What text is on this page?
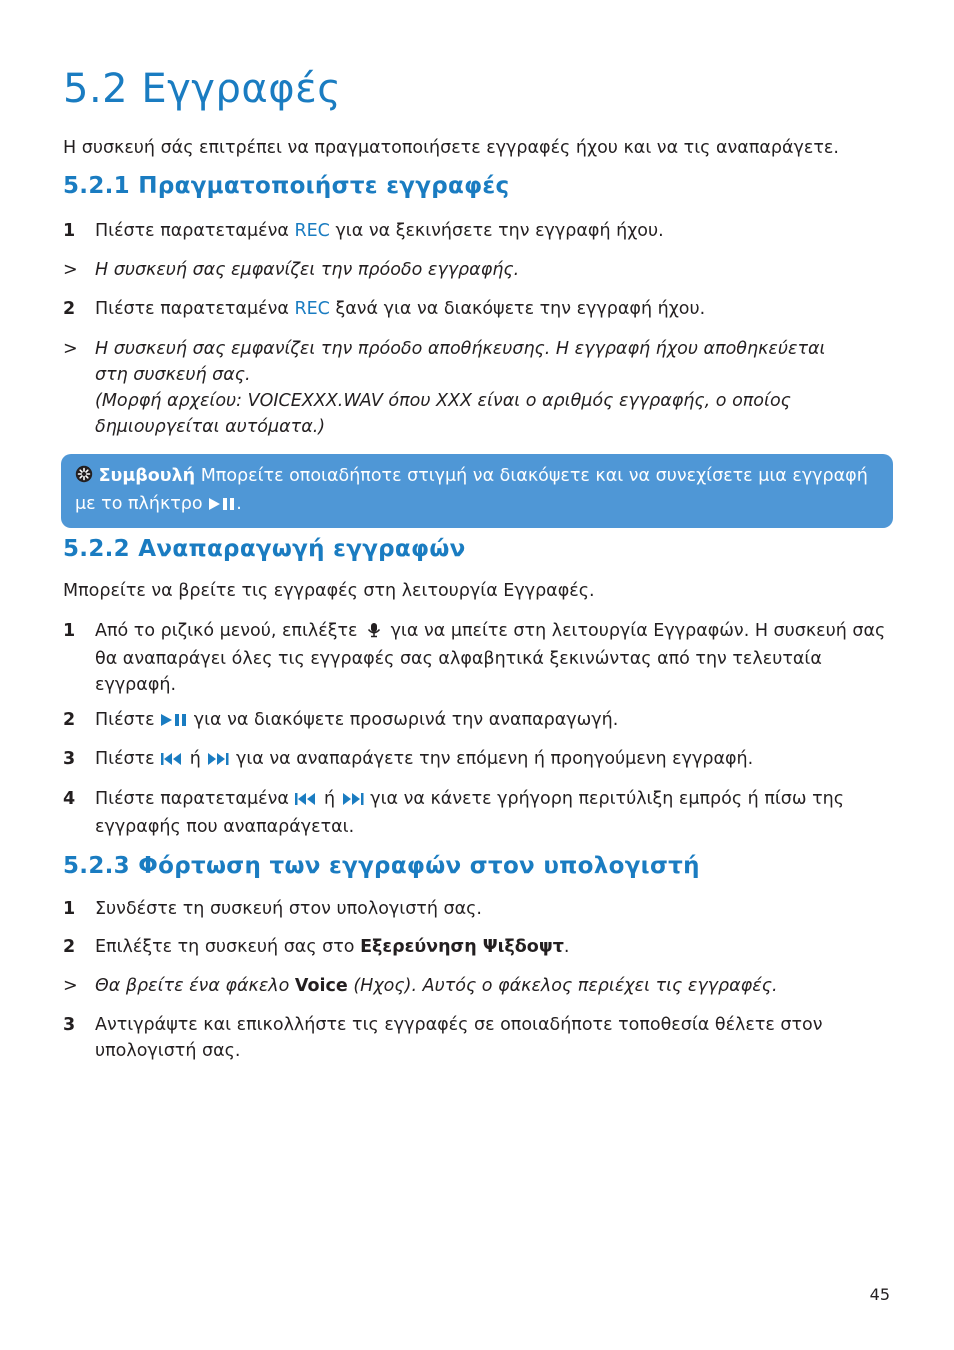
5.2 Εγγραφές

Η συσκευή σάς επιτρέπει να πραγματοποιήσετε εγγραφές ήχου και να τις αναπαράγετε.

5.2.1 Πραγματοποιήστε εγγραφές
1 Πιέστε παρατεταμένα REC για να ξεκινήσετε την εγγραφή ήχου.

> Η συσκευή σας εμφανίζει την πρόοδο εγγραφής.

2 Πιέστε παρατεταμένα REC ξανά για να διακόψετε την εγγραφή ήχου.

> Η συσκευή σας εμφανίζει την πρόοδο αποθήκευσης. Η εγγραφή ήχου αποθηκεύεται στη συσκευή σας.

(Μορφή αρχείου: VOICEXXX.WAV όπου XXX είναι ο αριθμός εγγραφής, ο οποίος δημιουργείται αυτόματα.)

Συμβουλή Μπορείτε οποιαδήποτε στιγμή να διακόψετε και να συνεχίσετε μια εγγραφή με το πλήκτρο .
5.2.2 Αναπαραγωγή εγγραφών

Μπορείτε να βρείτε τις εγγραφές στη λειτουργία Εγγραφές.

1 Από το ριζικό μενού, επιλέξτε  για να μπείτε στη λειτουργία Εγγραφών. Η συσκευή σας θα αναπαράγει όλες τις εγγραφές σας αλφαβητικά ξεκινώντας από την τελευταία εγγραφή.

2 Πιέστε  για να διακόψετε προσωρινά την αναπαραγωγή.

3 Πιέστε  ή  για να αναπαράγετε την επόμενη ή προηγούμενη εγγραφή.

4 Πιέστε παρατεταμένα  ή  για να κάνετε γρήγορη περιτύλιξη εμπρός ή πίσω της εγγραφής που αναπαράγεται.

5.2.3 Φόρτωση των εγγραφών στον υπολογιστή
1 Συνδέστε τη συσκευή στον υπολογιστή σας.

2 Επιλέξτε τη συσκευή σας στο Εξερεύνηση Ψιξδοψτ.

> Θα βρείτε ένα φάκελο Voice (Ηχος). Αυτός ο φάκελος περιέχει τις εγγραφές.

3 Αντιγράψτε και επικολλήστε τις εγγραφές σε οποιαδήποτε τοποθεσία θέλετε στον υπολογιστή σας.

45
